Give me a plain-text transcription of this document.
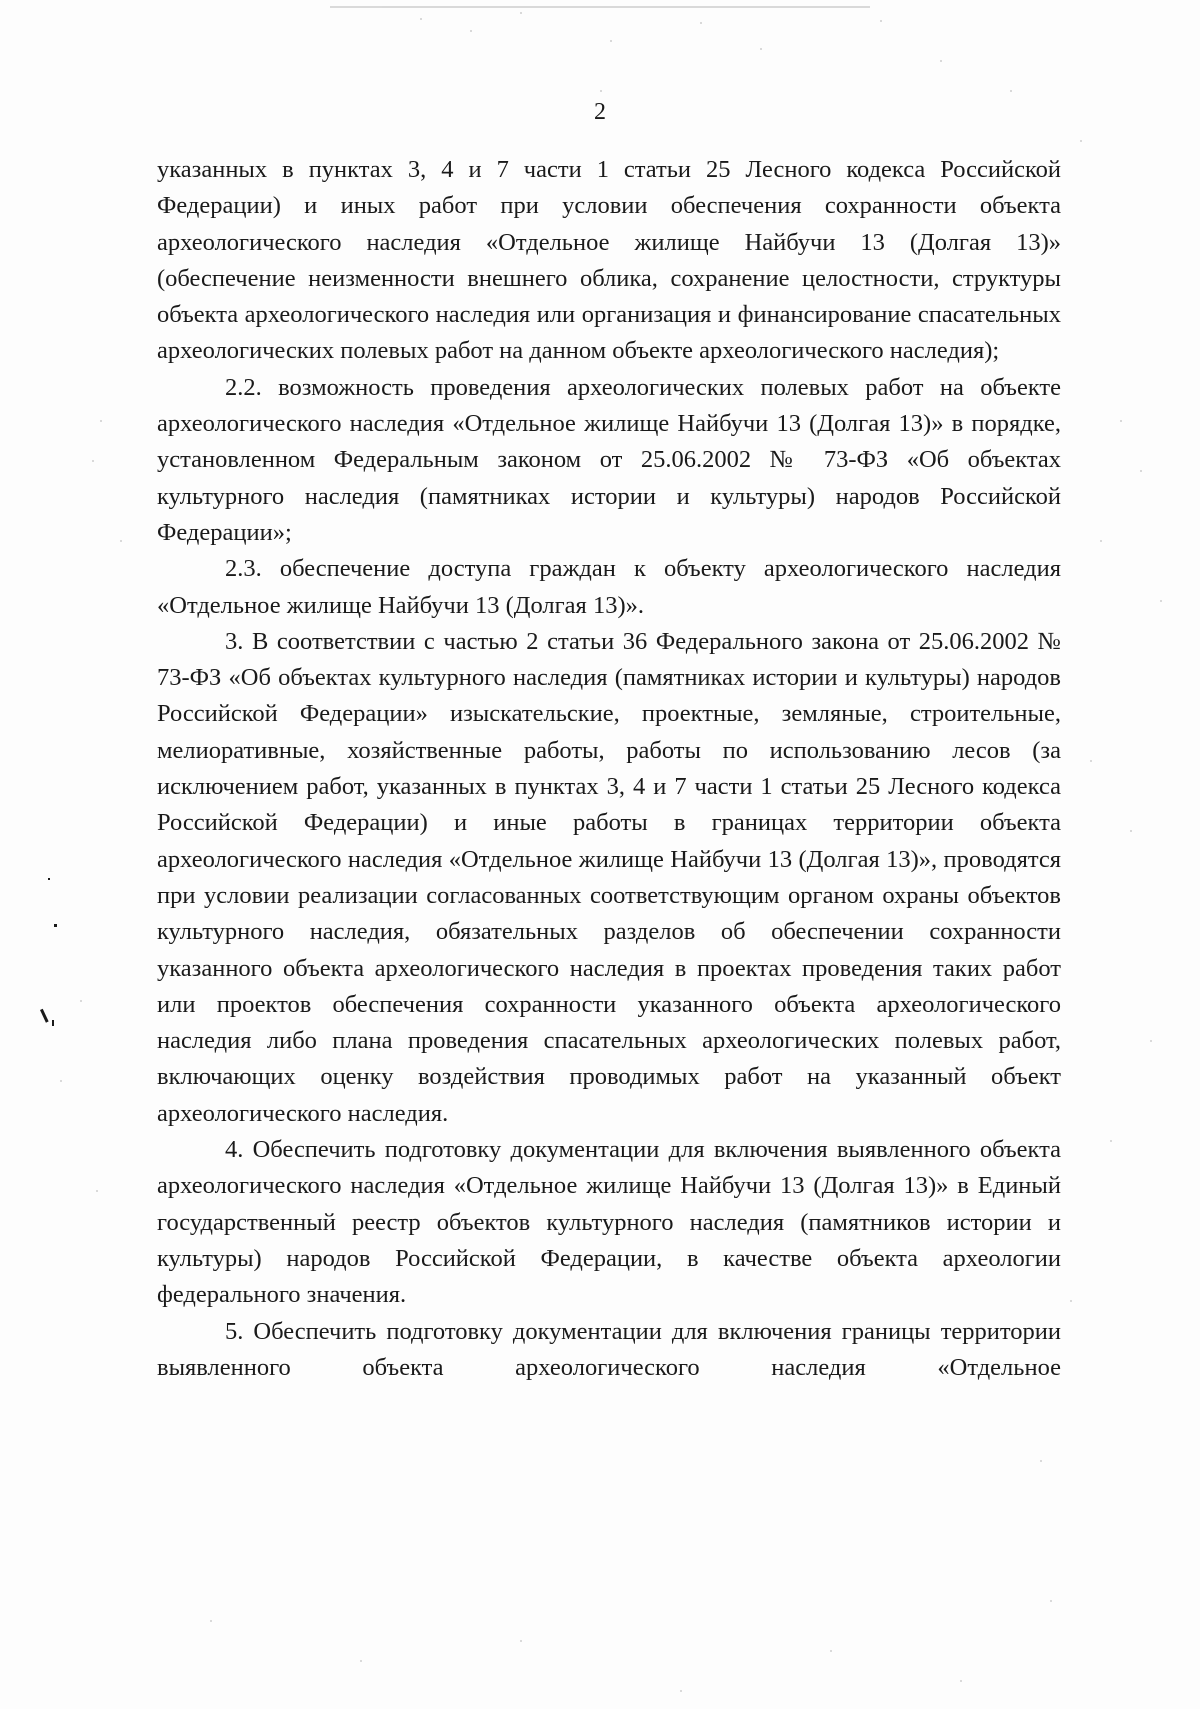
2

указанных в пунктах 3, 4 и 7 части 1 статьи 25 Лесного кодекса Российской Федерации) и иных работ при условии обеспечения сохранности объекта археологического наследия «Отдельное жилище Найбучи 13 (Долгая 13)» (обеспечение неизменности внешнего облика, сохранение целостности, структуры объекта археологического наследия или организация и финансирование спасательных археологических полевых работ на данном объекте археологического наследия);

2.2. возможность проведения археологических полевых работ на объекте археологического наследия «Отдельное жилище Найбучи 13 (Долгая 13)» в порядке, установленном Федеральным законом от 25.06.2002 № 73-ФЗ «Об объектах культурного наследия (памятниках истории и культуры) народов Российской Федерации»;

2.3. обеспечение доступа граждан к объекту археологического наследия «Отдельное жилище Найбучи 13 (Долгая 13)».

3. В соответствии с частью 2 статьи 36 Федерального закона от 25.06.2002 № 73-ФЗ «Об объектах культурного наследия (памятниках истории и культуры) народов Российской Федерации» изыскательские, проектные, земляные, строительные, мелиоративные, хозяйственные работы, работы по использованию лесов (за исключением работ, указанных в пунктах 3, 4 и 7 части 1 статьи 25 Лесного кодекса Российской Федерации) и иные работы в границах территории объекта археологического наследия «Отдельное жилище Найбучи 13 (Долгая 13)», проводятся при условии реализации согласованных соответствующим органом охраны объектов культурного наследия, обязательных разделов об обеспечении сохранности указанного объекта археологического наследия в проектах проведения таких работ или проектов обеспечения сохранности указанного объекта археологического наследия либо плана проведения спасательных археологических полевых работ, включающих оценку воздействия проводимых работ на указанный объект археологического наследия.

4. Обеспечить подготовку документации для включения выявленного объекта археологического наследия «Отдельное жилище Найбучи 13 (Долгая 13)» в Единый государственный реестр объектов культурного наследия (памятников истории и культуры) народов Российской Федерации, в качестве объекта археологии федерального значения.

5. Обеспечить подготовку документации для включения границы территории выявленного объекта археологического наследия «Отдельное
